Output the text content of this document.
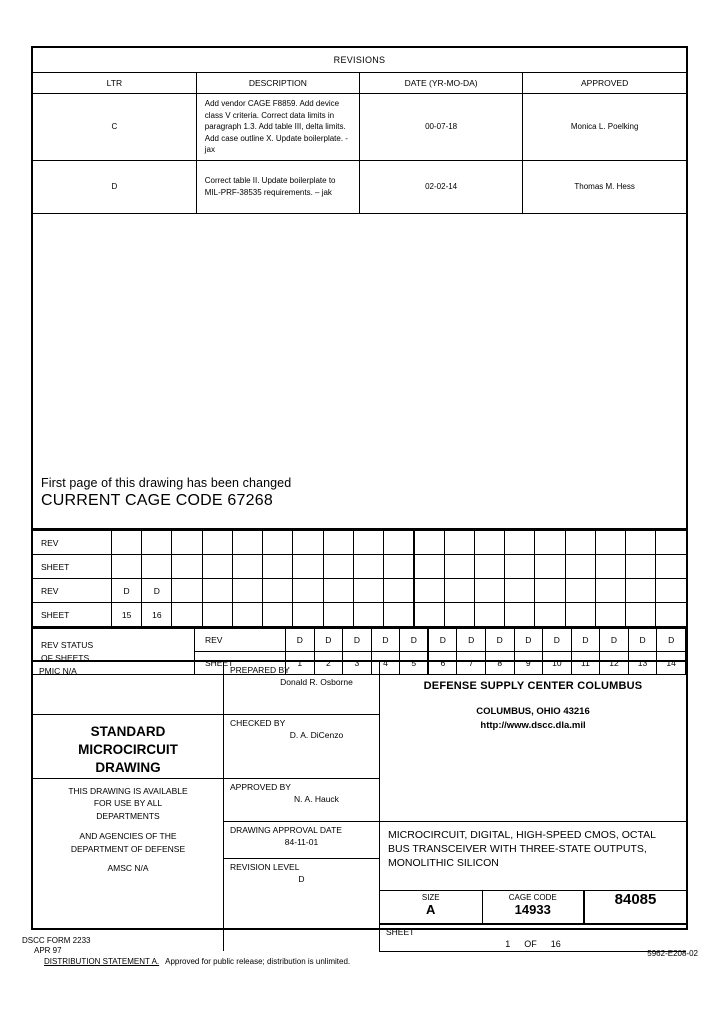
REVISIONS			
LTR	DESCRIPTION	DATE (YR-MO-DA)	APPROVED
C	Add vendor CAGE F8859. Add device class V criteria. Correct data limits in paragraph 1.3. Add table III, delta limits. Add case outline X. Update boilerplate. - jax	00-07-18	Monica L. Poelking
D	Correct table II. Update boilerplate to MIL-PRF-38535 requirements. – jak	02-02-14	Thomas M. Hess
First page of this drawing has been changed
CURRENT CAGE CODE 67268
REV																			
SHEET																			
REV	D	D																	
SHEET	15	16																	
REV STATUS
OF SHEETS	REV	D	D	D	D	D	D	D	D	D	D	D	D	D	D
	SHEET	1	2	3	4	5	6	7	8	9	10	11	12	13	14
PMIC N/A	PREPARED BY
Donald R. Osborne	DEFENSE SUPPLY CENTER COLUMBUS
COLUMBUS, OHIO 43216
http://www.dscc.dla.mil

STANDARD
MICROCIRCUIT
DRAWING

CHECKED BY
D. A. DiCenzo

THIS DRAWING IS AVAILABLE
FOR USE BY ALL
DEPARTMENTS
AND AGENCIES OF THE
DEPARTMENT OF DEFENSE
AMSC N/A

APPROVED BY
N. A. Hauck

DRAWING APPROVAL DATE
84-11-01

MICROCIRCUIT, DIGITAL, HIGH-SPEED CMOS, OCTAL
BUS TRANSCEIVER WITH THREE-STATE OUTPUTS,
MONOLITHIC SILICON

SIZE
A

CAGE CODE
14933

84085

SHEET
1 OF 16

REVISION LEVEL
D
DSCC FORM 2233
APR 97
DISTRIBUTION STATEMENT A. Approved for public release; distribution is unlimited.
5962-E208-02
